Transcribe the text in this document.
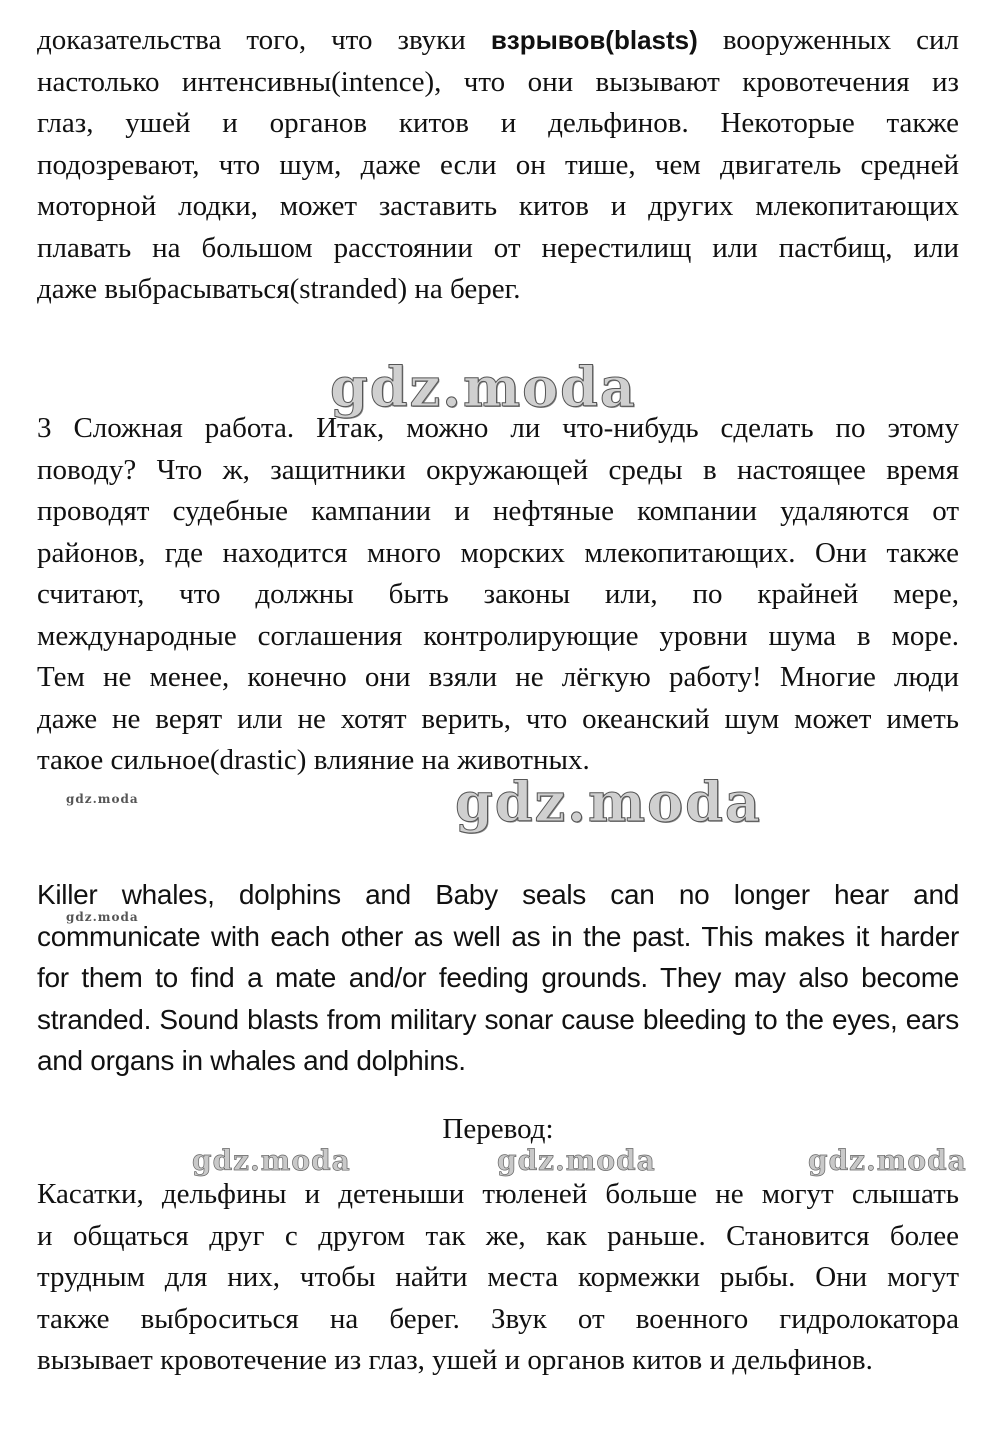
доказательства того, что звуки взрывов(blasts) вооруженных сил
настолько интенсивны(intence), что они вызывают кровотечения из
глаз, ушей и органов китов и дельфинов. Некоторые также
подозревают, что шум, даже если он тише, чем двигатель средней
моторной лодки, может заставить китов и других млекопитающих
плавать на большом расстоянии от нерестилищ или пастбищ, или
даже выбрасываться(stranded) на берег.
3 Сложная работа. Итак, можно ли что-нибудь сделать по этому
поводу? Что ж, защитники окружающей среды в настоящее время
проводят судебные кампании и нефтяные компании удаляются от
районов, где находится много морских млекопитающих. Они также
считают, что должны быть законы или, по крайней мере,
международные соглашения контролирующие уровни шума в море.
Тем не менее, конечно они взяли не лёгкую работу! Многие люди
даже не верят или не хотят верить, что океанский шум может иметь
такое сильное(drastic) влияние на животных.
Killer whales, dolphins and Baby seals can no longer hear and
communicate with each other as well as in the past. This makes it harder
for them to find a mate and/or feeding grounds. They may also become
stranded. Sound blasts from military sonar cause bleeding to the eyes, ears
and organs in whales and dolphins.
Перевод:
Касатки, дельфины и детеныши тюленей больше не могут слышать
и общаться друг с другом так же, как раньше. Становится более
трудным для них, чтобы найти места кормежки рыбы. Они могут
также выброситься на берег. Звук от военного гидролокатора
вызывает кровотечение из глаз, ушей и органов китов и дельфинов.
gdz.moda
gdz.moda
gdz.moda
gdz.moda
gdz.moda	gdz.moda	gdz.moda
